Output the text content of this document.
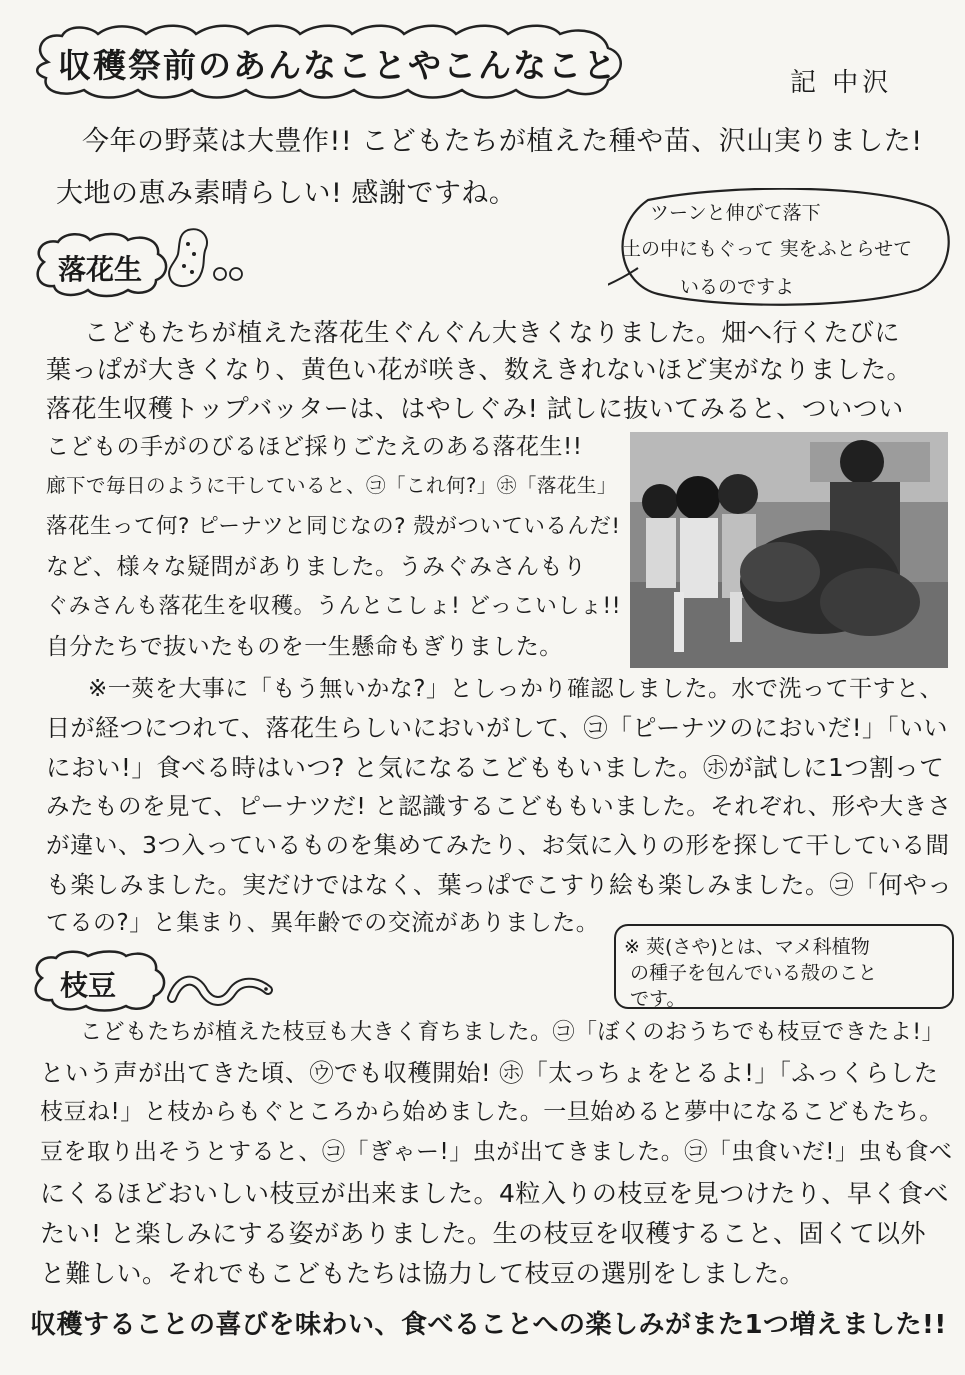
収穫祭前のあんなことやこんなこと	記 中沢
今年の野菜は大豊作!! こどもたちが植えた種や苗、沢山実りました!
大地の恵み素晴らしい! 感謝ですね。
落花生
ツーンと伸びて落下
土の中にもぐって 実をふとらせて
いるのですよ
こどもたちが植えた落花生ぐんぐん大きくなりました。畑へ行くたびに
葉っぱが大きくなり、黄色い花が咲き、数えきれないほど実がなりました。
落花生収穫トップバッターは、はやしぐみ! 試しに抜いてみると、ついつい
こどもの手がのびるほど採りごたえのある落花生!!
廊下で毎日のように干していると、㋙「これ何?」㋭「落花生」
落花生って何? ピーナツと同じなの? 殻がついているんだ!
など、様々な疑問がありました。うみぐみさんもり
ぐみさんも落花生を収穫。うんとこしょ! どっこいしょ!!
自分たちで抜いたものを一生懸命もぎりました。
※一莢を大事に「もう無いかな?」としっかり確認しました。水で洗って干すと、
日が経つにつれて、落花生らしいにおいがして、㋙「ピーナツのにおいだ!」「いい
におい!」食べる時はいつ? と気になるこどももいました。㋭が試しに1つ割って
みたものを見て、ピーナツだ! と認識するこどももいました。それぞれ、形や大きさ
が違い、3つ入っているものを集めてみたり、お気に入りの形を探して干している間
も楽しみました。実だけではなく、葉っぱでこすり絵も楽しみました。㋙「何やっ
てるの?」と集まり、異年齢での交流がありました。
※ 莢(さや)とは、マメ科植物
の種子を包んでいる殻のこと
です。
枝豆
こどもたちが植えた枝豆も大きく育ちました。㋙「ぼくのおうちでも枝豆できたよ!」
という声が出てきた頃、㋒でも収穫開始! ㋭「太っちょをとるよ!」「ふっくらした
枝豆ね!」と枝からもぐところから始めました。一旦始めると夢中になるこどもたち。
豆を取り出そうとすると、㋙「ぎゃー!」虫が出てきました。㋙「虫食いだ!」虫も食べ
にくるほどおいしい枝豆が出来ました。4粒入りの枝豆を見つけたり、早く食べ
たい! と楽しみにする姿がありました。生の枝豆を収穫すること、固くて以外
と難しい。それでもこどもたちは協力して枝豆の選別をしました。
収穫することの喜びを味わい、食べることへの楽しみがまた1つ増えました!!
